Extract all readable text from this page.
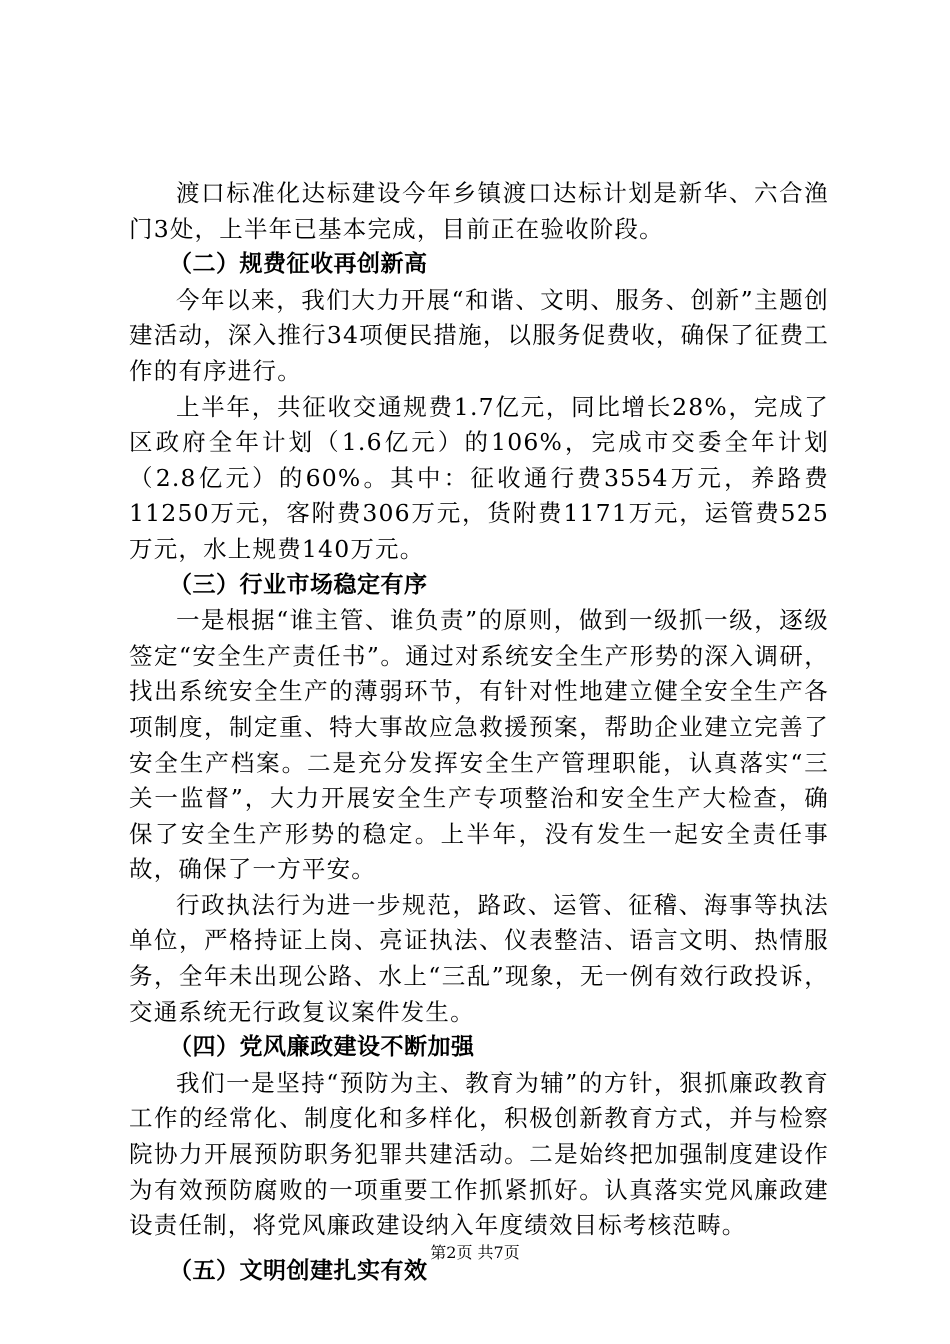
渡口标准化达标建设今年乡镇渡口达标计划是新华、六合渔门3处，上半年已基本完成，目前正在验收阶段。

（二）规费征收再创新高

今年以来，我们大力开展“和谐、文明、服务、创新”主题创建活动，深入推行34项便民措施，以服务促费收，确保了征费工作的有序进行。

上半年，共征收交通规费1.7亿元，同比增长28%，完成了区政府全年计划（1.6亿元）的106%，完成市交委全年计划（2.8亿元）的60%。其中：征收通行费3554万元，养路费11250万元，客附费306万元，货附费1171万元，运管费525万元，水上规费140万元。

（三）行业市场稳定有序

一是根据“谁主管、谁负责”的原则，做到一级抓一级，逐级签定“安全生产责任书”。通过对系统安全生产形势的深入调研，找出系统安全生产的薄弱环节，有针对性地建立健全安全生产各项制度，制定重、特大事故应急救援预案，帮助企业建立完善了安全生产档案。二是充分发挥安全生产管理职能，认真落实“三关一监督”，大力开展安全生产专项整治和安全生产大检查，确保了安全生产形势的稳定。上半年，没有发生一起安全责任事故，确保了一方平安。

行政执法行为进一步规范，路政、运管、征稽、海事等执法单位，严格持证上岗、亮证执法、仪表整洁、语言文明、热情服务，全年未出现公路、水上“三乱”现象，无一例有效行政投诉，交通系统无行政复议案件发生。

（四）党风廉政建设不断加强

我们一是坚持“预防为主、教育为辅”的方针，狠抓廉政教育工作的经常化、制度化和多样化，积极创新教育方式，并与检察院协力开展预防职务犯罪共建活动。二是始终把加强制度建设作为有效预防腐败的一项重要工作抓紧抓好。认真落实党风廉政建设责任制，将党风廉政建设纳入年度绩效目标考核范畴。

（五）文明创建扎实有效
第2页 共7页
